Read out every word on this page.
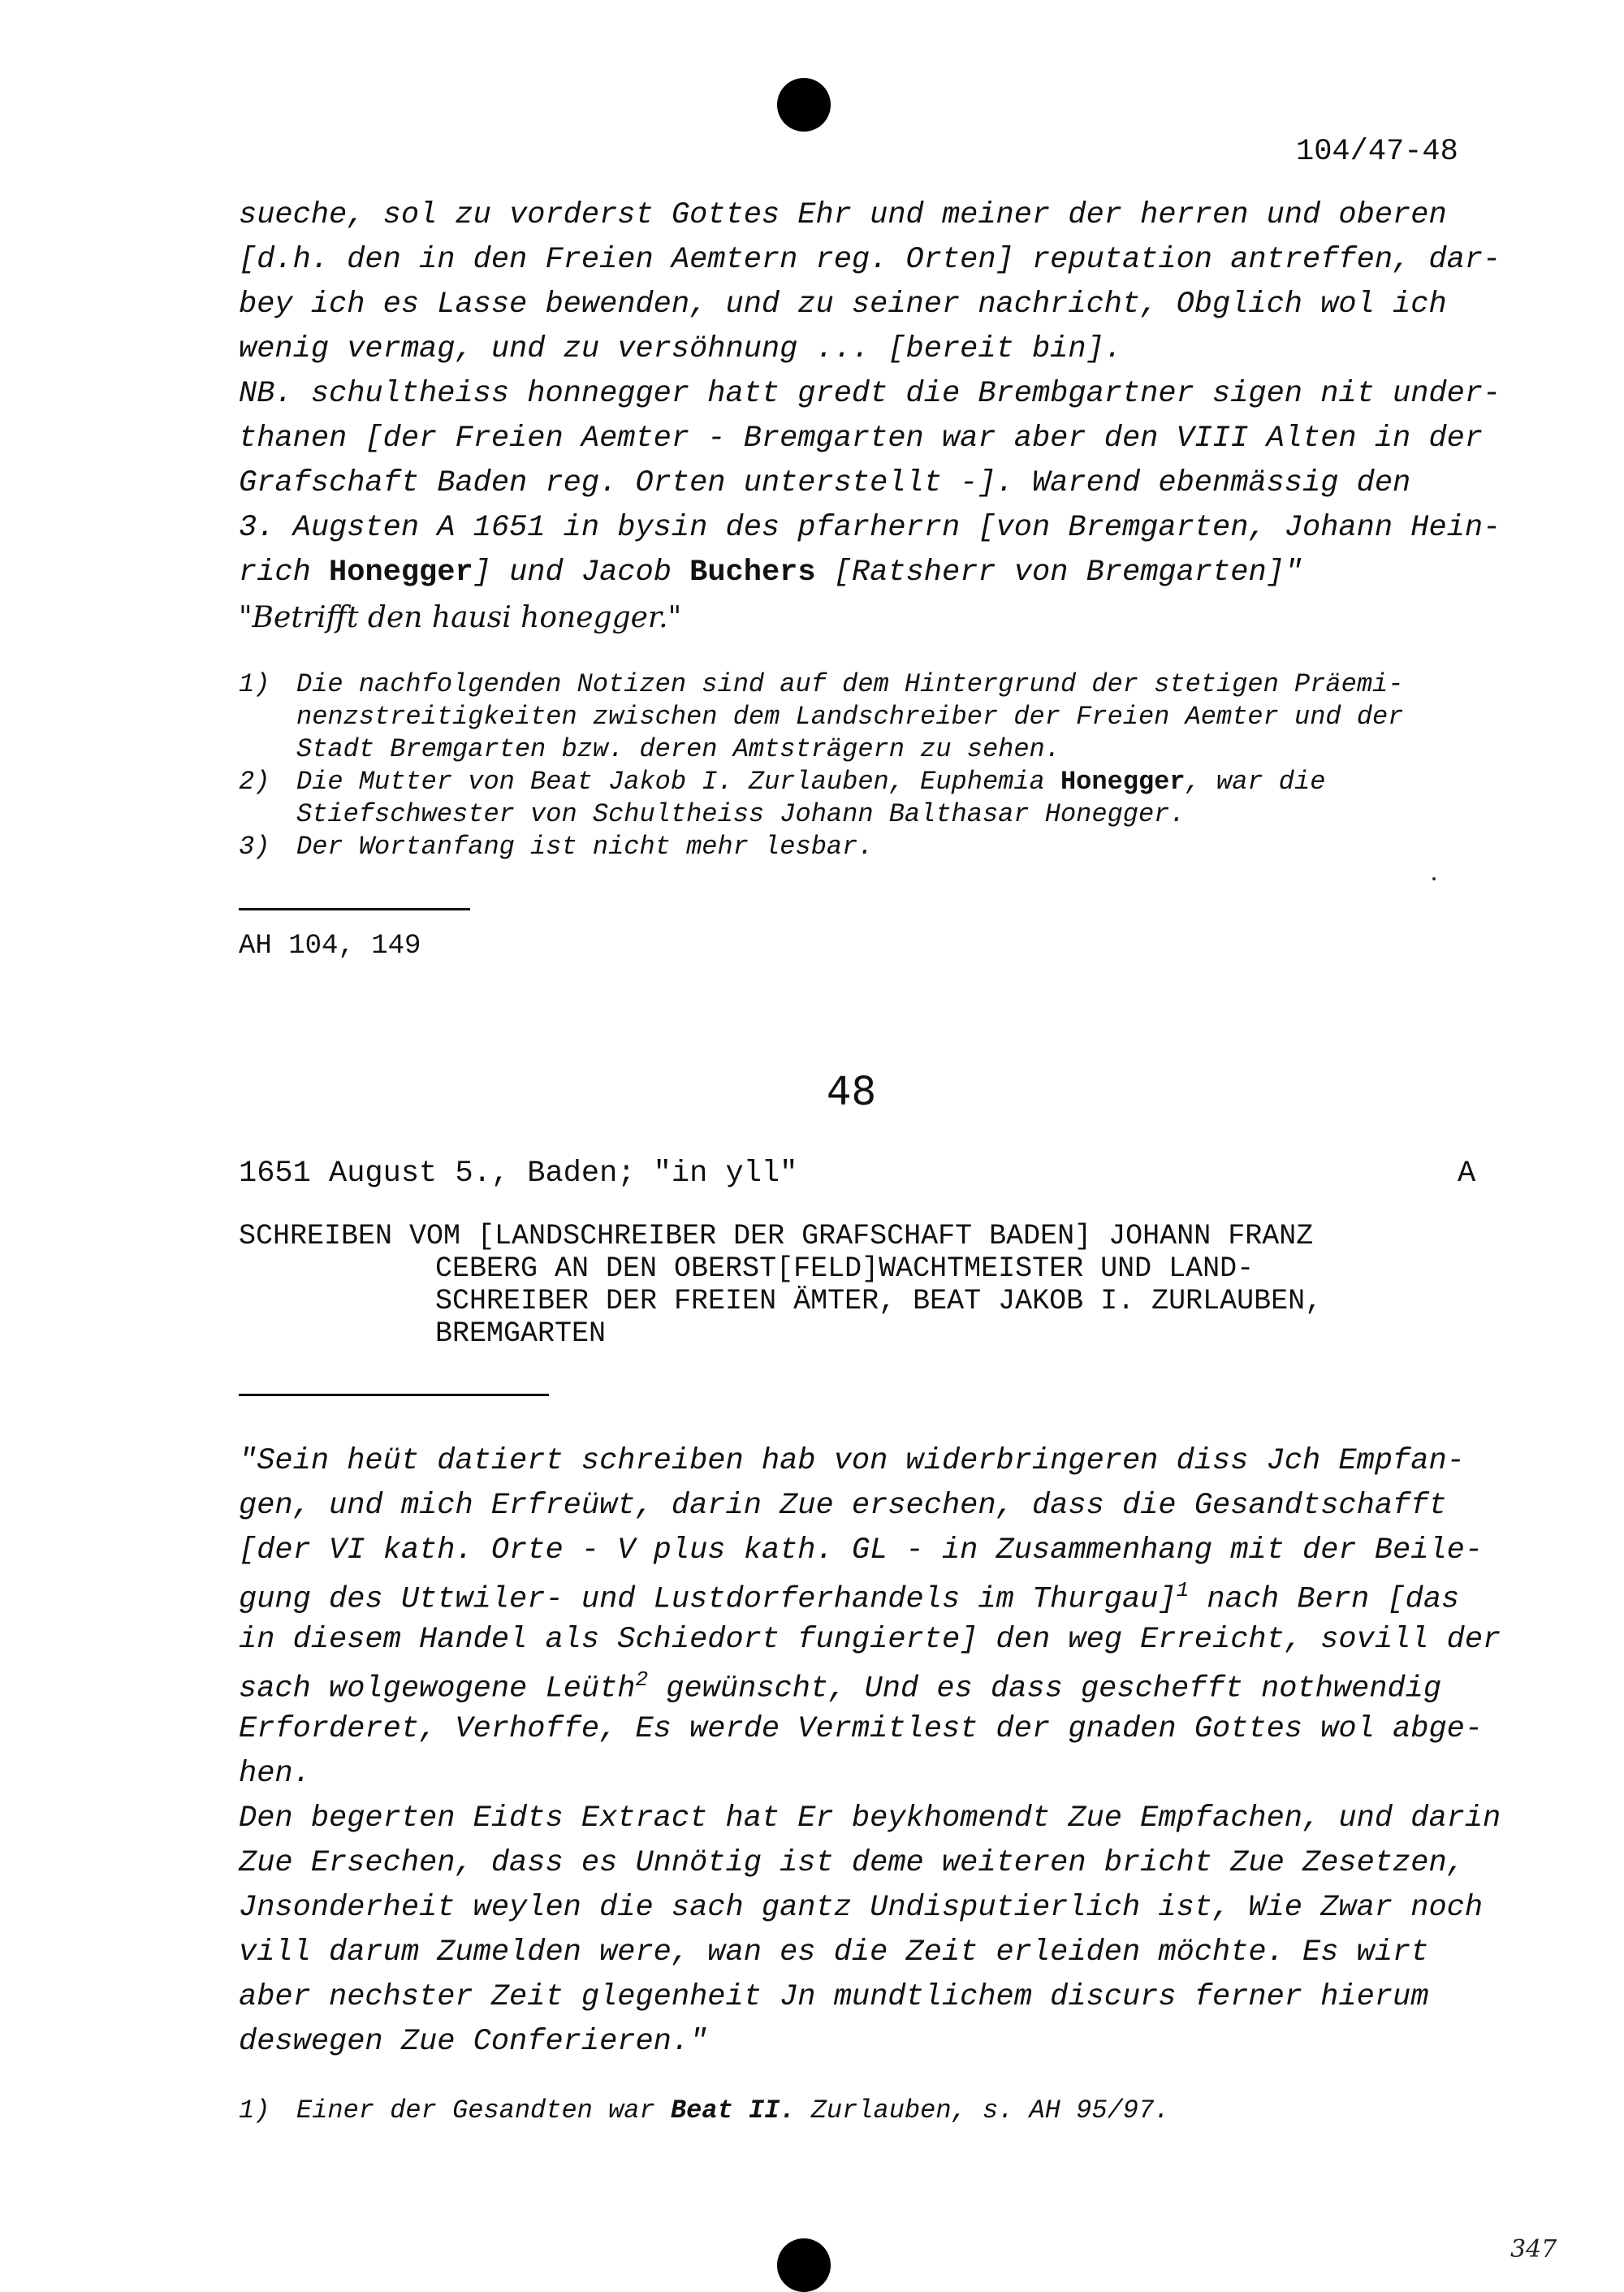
104/47-48
sueche, sol zu vorderst Gottes Ehr und meiner der herren und oberen
[d.h. den in den Freien Aemtern reg. Orten] reputation antreffen, dar-
bey ich es Lasse bewenden, und zu seiner nachricht, Obglich wol ich
wenig vermag, und zu versöhnung ... [bereit bin].
NB. schultheiss honnegger hatt gredt die Brembgartner sigen nit under-
thanen [der Freien Aemter - Bremgarten war aber den VIII Alten in der
Grafschaft Baden reg. Orten unterstellt -]. Warend ebenmässig den
3. Augsten A 1651 in bysin des pfarherrn [von Bremgarten, Johann Hein-
rich Honegger] und Jacob Buchers [Ratsherr von Bremgarten]"
"Betrifft den hausi honegger."
1) Die nachfolgenden Notizen sind auf dem Hintergrund der stetigen Präemi-
nenzstreitigkeiten zwischen dem Landschreiber der Freien Aemter und der
Stadt Bremgarten bzw. deren Amtsträgern zu sehen.
2) Die Mutter von Beat Jakob I. Zurlauben, Euphemia Honegger, war die
Stiefschwester von Schultheiss Johann Balthasar Honegger.
3) Der Wortanfang ist nicht mehr lesbar.
AH 104, 149
48
1651 August 5., Baden; "in yll"	A
SCHREIBEN VOM [LANDSCHREIBER DER GRAFSCHAFT BADEN] JOHANN FRANZ
CEBERG AN DEN OBERST[FELD]WACHTMEISTER UND LAND-
SCHREIBER DER FREIEN ÄMTER, BEAT JAKOB I. ZURLAUBEN,
BREMGARTEN
"Sein heüt datiert schreiben hab von widerbringeren diss Jch Empfan-
gen, und mich Erfreüwt, darin Zue ersechen, dass die Gesandtschafft
[der VI kath. Orte - V plus kath. GL - in Zusammenhang mit der Beile-
gung des Uttwiler- und Lustdorferhandels im Thurgau]$^1$ nach Bern [das
in diesem Handel als Schiedort fungierte] den weg Erreicht, sovill der
sach wolgewogene Leüth$^2$ gewünscht, Und es dass geschefft nothwendig
Erforderet, Verhoffe, Es werde Vermitlest der gnaden Gottes wol abge-
hen.
Den begerten Eidts Extract hat Er beykhomendt Zue Empfachen, und darin
Zue Ersechen, dass es Unnötig ist deme weiteren bricht Zue Zesetzen,
Jnsonderheit weylen die sach gantz Undisputierlich ist, Wie Zwar noch
vill darum Zumelden were, wan es die Zeit erleiden möchte. Es wirt
aber nechster Zeit glegenheit Jn mundtlichem discurs ferner hierum
deswegen Zue Conferieren."
1) Einer der Gesandten war Beat II. Zurlauben, s. AH 95/97.
347
